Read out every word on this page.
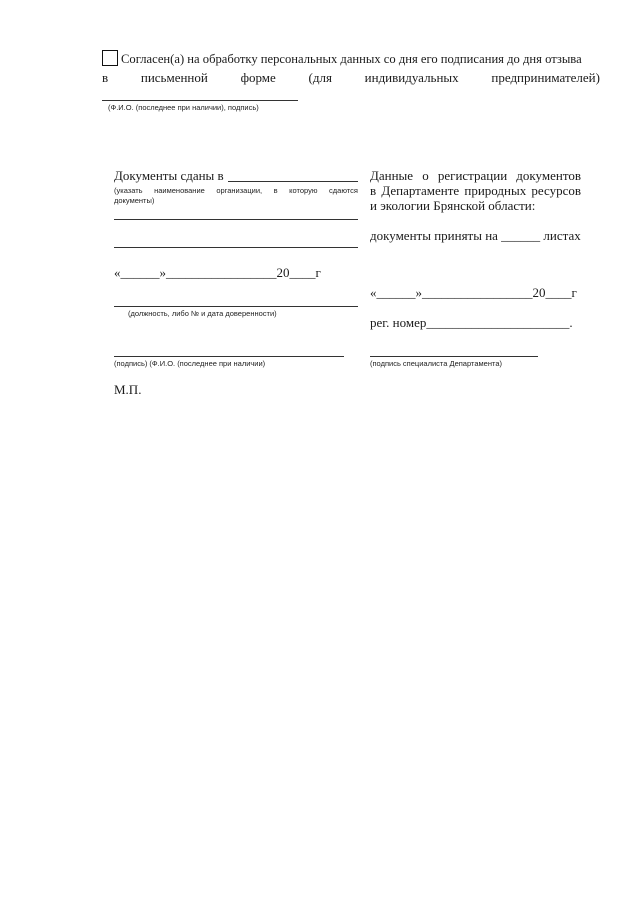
Согласен(а) на обработку персональных данных со дня его подписания до дня отзыва
в	письменной	форме	(для	индивидуальных	предпринимателей)
(Ф.И.О. (последнее при наличии), подпись)
Документы сданы в
(указать наименование организации, в которую сдаются
документы)
«______»_________________20____г
(должность, либо № и дата доверенности)
(подпись) (Ф.И.О. (последнее при наличии)
М.П.
Данные о регистрации документов
в Департаменте природных ресурсов
и экологии Брянской области:
документы приняты на ______ листах
«______»_________________20____г
рег. номер______________________.
(подпись специалиста Департамента)
